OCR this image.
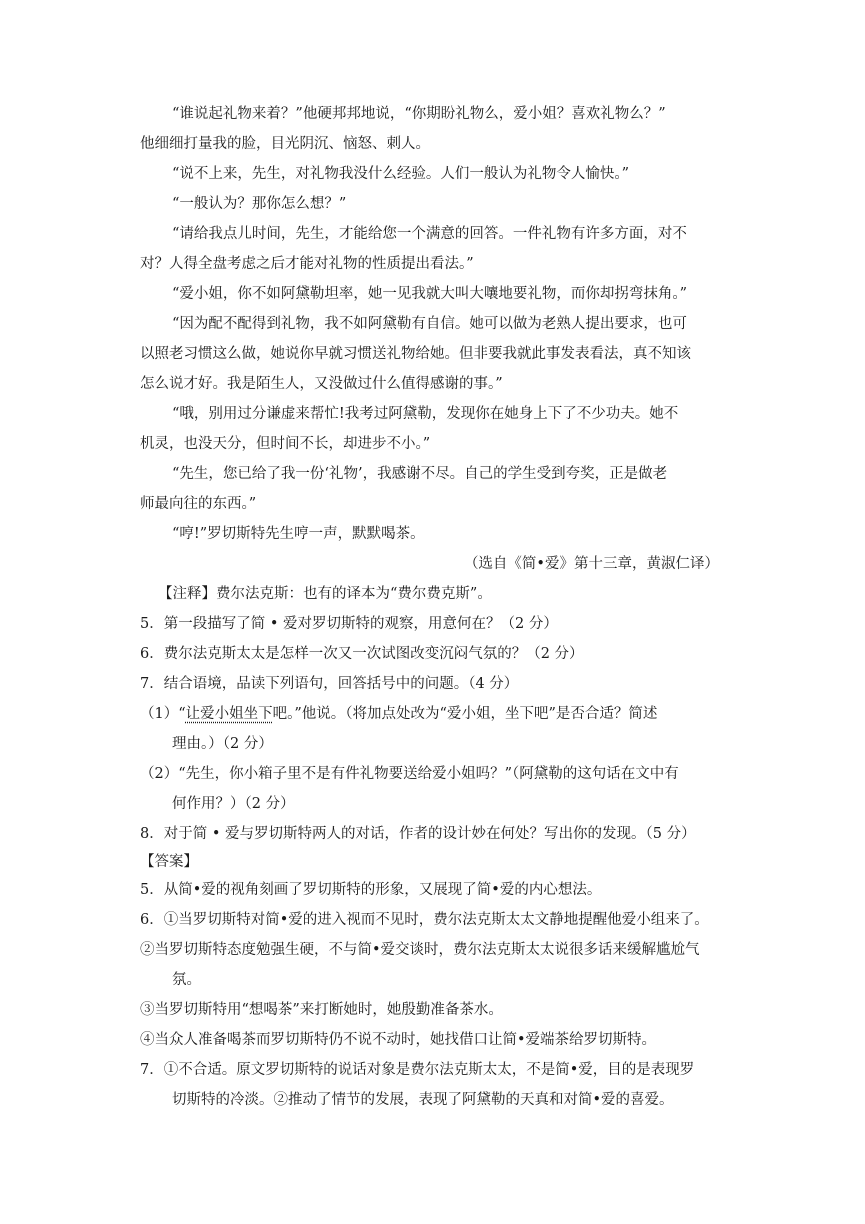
“谁说起礼物来着？”他硬邦邦地说，“你期盼礼物么，爱小姐？喜欢礼物么？”
他细细打量我的脸，目光阴沉、恼怒、刺人。
“说不上来，先生，对礼物我没什么经验。人们一般认为礼物令人愉快。”
“一般认为？那你怎么想？”
“请给我点儿时间，先生，才能给您一个满意的回答。一件礼物有许多方面，对不
对？人得全盘考虑之后才能对礼物的性质提出看法。”
“爱小姐，你不如阿黛勒坦率，她一见我就大叫大嚷地要礼物，而你却拐弯抹角。”
“因为配不配得到礼物，我不如阿黛勒有自信。她可以做为老熟人提出要求，也可
以照老习惯这么做，她说你早就习惯送礼物给她。但非要我就此事发表看法，真不知该
怎么说才好。我是陌生人，又没做过什么值得感谢的事。”
“哦，别用过分谦虚来帮忙!我考过阿黛勒，发现你在她身上下了不少功夫。她不
机灵，也没天分，但时间不长，却进步不小。”
“先生，您已给了我一份‘礼物’，我感谢不尽。自己的学生受到夸奖，正是做老
师最向往的东西。”
“哼!”罗切斯特先生哼一声，默默喝茶。
（选自《简•爱》第十三章，黄淑仁译）
【注释】费尔法克斯：也有的译本为“费尔费克斯”。
5．第一段描写了简 • 爱对罗切斯特的观察，用意何在？（2 分）
6．费尔法克斯太太是怎样一次又一次试图改变沉闷气氛的？（2 分）
7．结合语境，品读下列语句，回答括号中的问题。（4 分）
（1）“让爱小姐坐下吧。”他说。（将加点处改为“爱小姐，坐下吧”是否合适？简述
理由。）（2 分）
（2）“先生，你小箱子里不是有件礼物要送给爱小姐吗？”（阿黛勒的这句话在文中有
何作用？）（2 分）
8．对于简 • 爱与罗切斯特两人的对话，作者的设计妙在何处？写出你的发现。（5 分）
【答案】
5．从简•爱的视角刻画了罗切斯特的形象，又展现了简•爱的内心想法。
6．①当罗切斯特对简•爱的进入视而不见时，费尔法克斯太太文静地提醒他爱小组来了。
②当罗切斯特态度勉强生硬，不与简•爱交谈时，费尔法克斯太太说很多话来缓解尴尬气
氛。
③当罗切斯特用“想喝茶”来打断她时，她殷勤准备茶水。
④当众人准备喝茶而罗切斯特仍不说不动时，她找借口让简•爱端茶给罗切斯特。
7．①不合适。原文罗切斯特的说话对象是费尔法克斯太太，不是简•爱，目的是表现罗
切斯特的冷淡。②推动了情节的发展，表现了阿黛勒的天真和对简•爱的喜爱。
